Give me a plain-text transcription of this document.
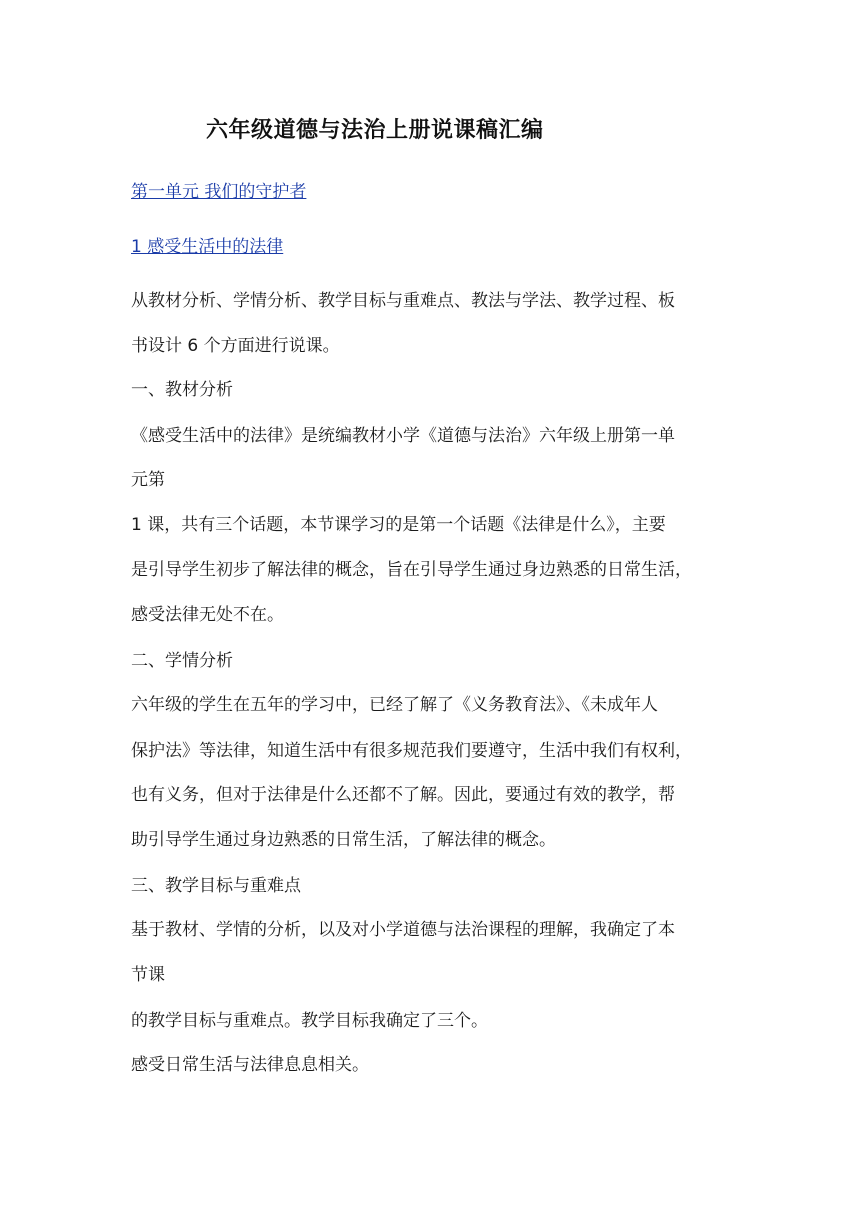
六年级道德与法治上册说课稿汇编
第一单元 我们的守护者
1 感受生活中的法律
从教材分析、学情分析、教学目标与重难点、教法与学法、教学过程、板
书设计 6 个方面进行说课。
一、教材分析
《感受生活中的法律》是统编教材小学《道德与法治》六年级上册第一单
元第
1 课，共有三个话题，本节课学习的是第一个话题《法律是什么》，主要
是引导学生初步了解法律的概念，旨在引导学生通过身边熟悉的日常生活，
感受法律无处不在。
二、学情分析
六年级的学生在五年的学习中，已经了解了《义务教育法》、《未成年人
保护法》等法律，知道生活中有很多规范我们要遵守，生活中我们有权利，
也有义务，但对于法律是什么还都不了解。因此，要通过有效的教学，帮
助引导学生通过身边熟悉的日常生活，了解法律的概念。
三、教学目标与重难点
基于教材、学情的分析，以及对小学道德与法治课程的理解，我确定了本
节课
的教学目标与重难点。教学目标我确定了三个。
感受日常生活与法律息息相关。
